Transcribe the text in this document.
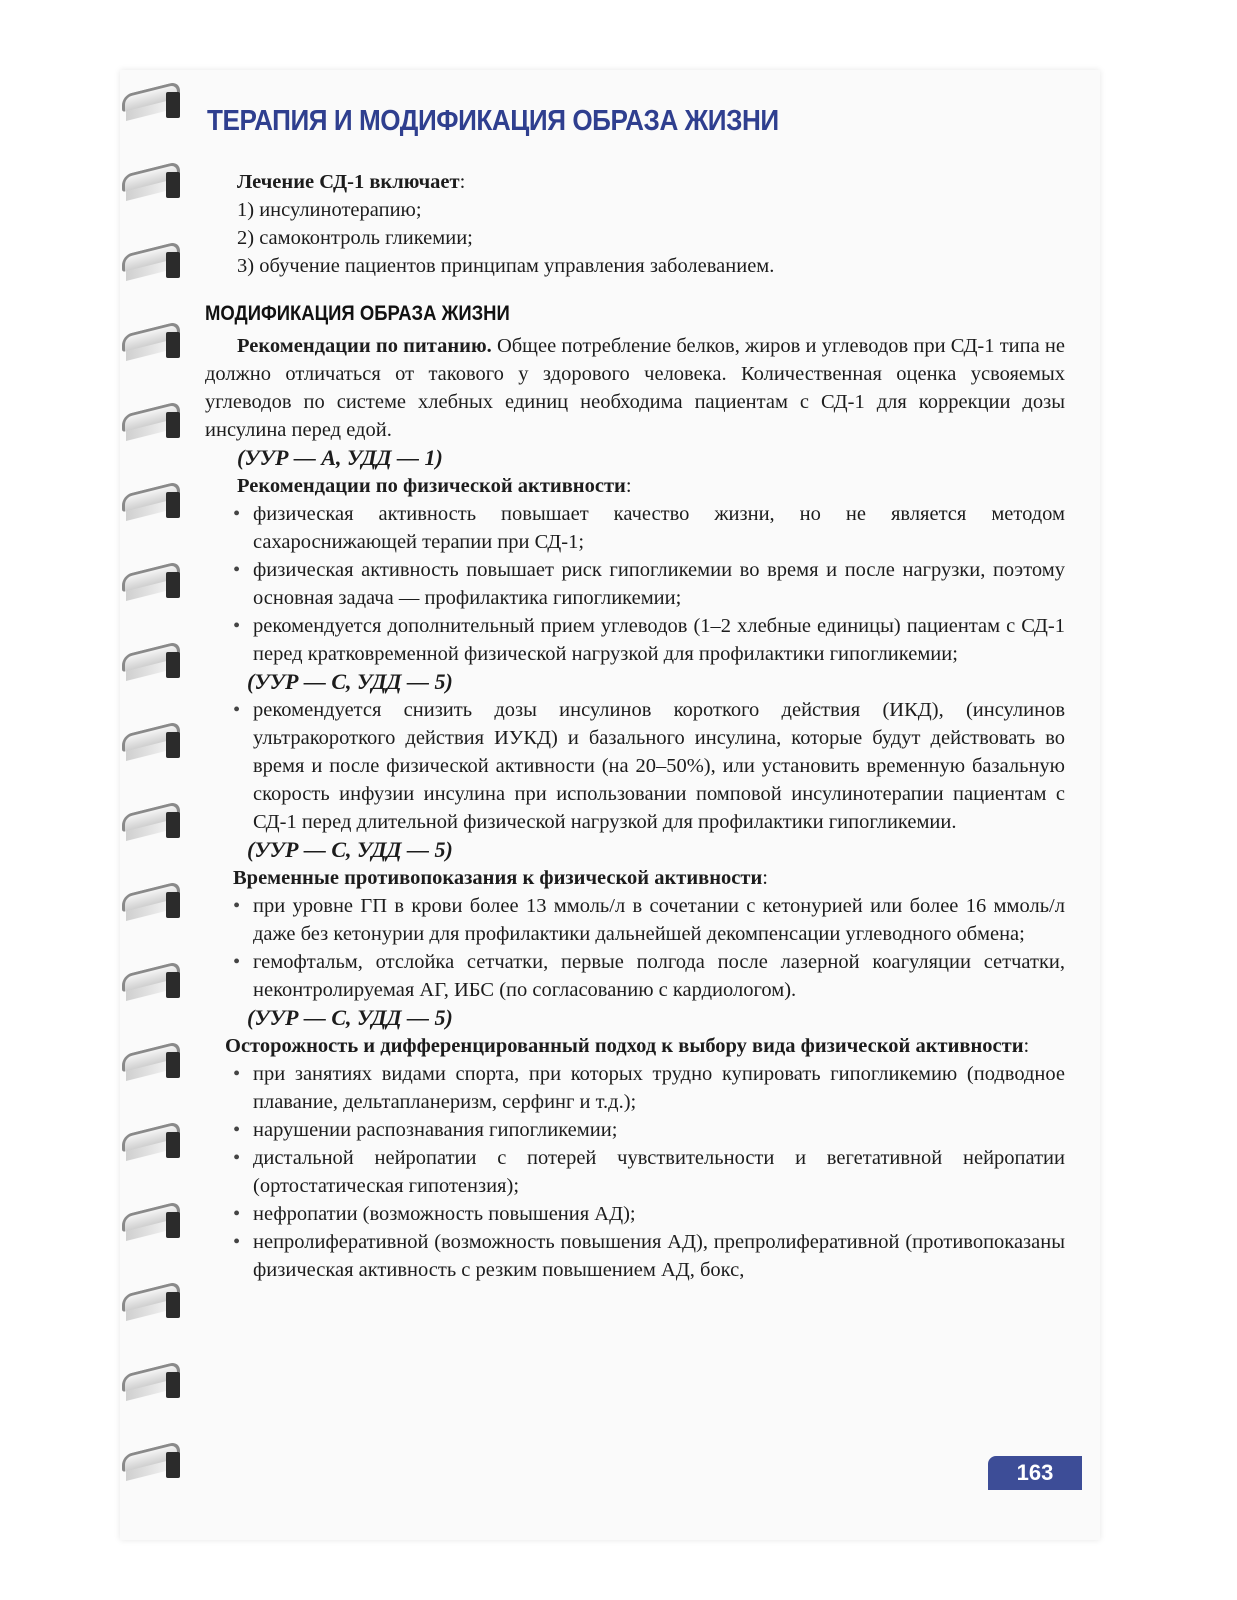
ТЕРАПИЯ И МОДИФИКАЦИЯ ОБРАЗА ЖИЗНИ

Лечение СД-1 включает:

1) инсулинотерапию;
2) самоконтроль гликемии;
3) обучение пациентов принципам управления заболеванием.
МОДИФИКАЦИЯ ОБРАЗА ЖИЗНИ

Рекомендации по питанию. Общее потребление белков, жиров и углеводов при СД-1 типа не должно отличаться от такового у здорового человека. Количественная оценка усвояемых углеводов по системе хлебных единиц необходима пациентам с СД-1 для коррекции дозы инсулина перед едой.

(УУР — А, УДД — 1)

Рекомендации по физической активности:

• физическая активность повышает качество жизни, но не является методом сахароснижающей терапии при СД-1;
• физическая активность повышает риск гипогликемии во время и после нагрузки, поэтому основная задача — профилактика гипогликемии;
• рекомендуется дополнительный прием углеводов (1–2 хлебные единицы) пациентам с СД-1 перед кратковременной физической нагрузкой для профилактики гипогликемии;
(УУР — С, УДД — 5)
• рекомендуется снизить дозы инсулинов короткого действия (ИКД), (инсулинов ультракороткого действия ИУКД) и базального инсулина, которые будут действовать во время и после физической активности (на 20–50%), или установить временную базальную скорость инфузии инсулина при использовании помповой инсулинотерапии пациентам с СД-1 перед длительной физической нагрузкой для профилактики гипогликемии.
(УУР — С, УДД — 5)

Временные противопоказания к физической активности:

• при уровне ГП в крови более 13 ммоль/л в сочетании с кетонурией или более 16 ммоль/л даже без кетонурии для профилактики дальнейшей декомпенсации углеводного обмена;
• гемофтальм, отслойка сетчатки, первые полгода после лазерной коагуляции сетчатки, неконтролируемая АГ, ИБС (по согласованию с кардиологом).
(УУР — С, УДД — 5)

Осторожность и дифференцированный подход к выбору вида физической активности:

• при занятиях видами спорта, при которых трудно купировать гипогликемию (подводное плавание, дельтапланеризм, серфинг и т.д.);
• нарушении распознавания гипогликемии;
• дистальной нейропатии с потерей чувствительности и вегетативной нейропатии (ортостатическая гипотензия);
• нефропатии (возможность повышения АД);
• непролиферативной (возможность повышения АД), препролиферативной (противопоказаны физическая активность с резким повышением АД, бокс,
163
